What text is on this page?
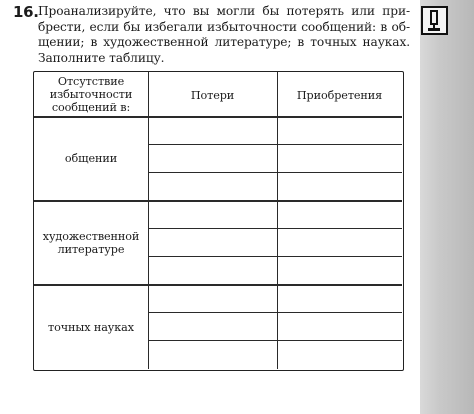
16. Проанализируйте, что вы могли бы потерять или при-
брести, если бы избегали избыточности сообщений: в об-
щении; в художественной литературе; в точных науках.
Заполните таблицу.
Отсутствие
избыточности
сообщений в:
Потери	Приобретения
общении
художественной
литературе
точных науках
